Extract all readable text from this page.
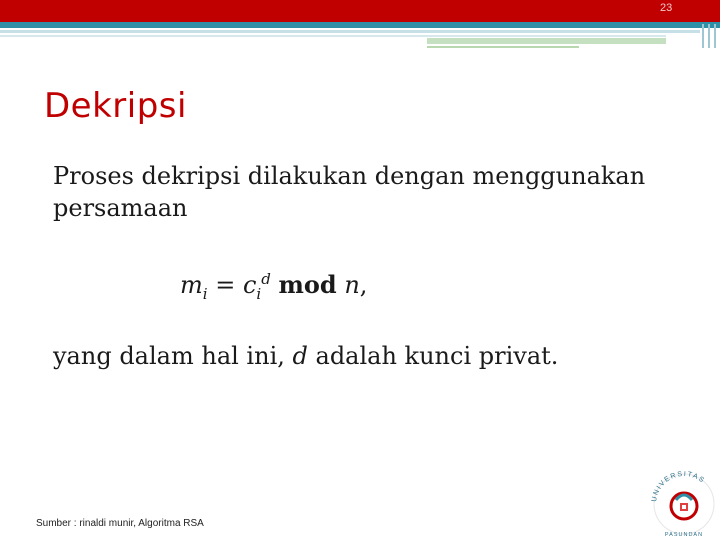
23
Dekripsi
Proses dekripsi dilakukan dengan menggunakan persamaan
$m_i = c_i^d$ mod n,
yang dalam hal ini, d adalah kunci privat.
Sumber : rinaldi munir, Algoritma RSA
UNIVERSITAS
PASUNDAN
